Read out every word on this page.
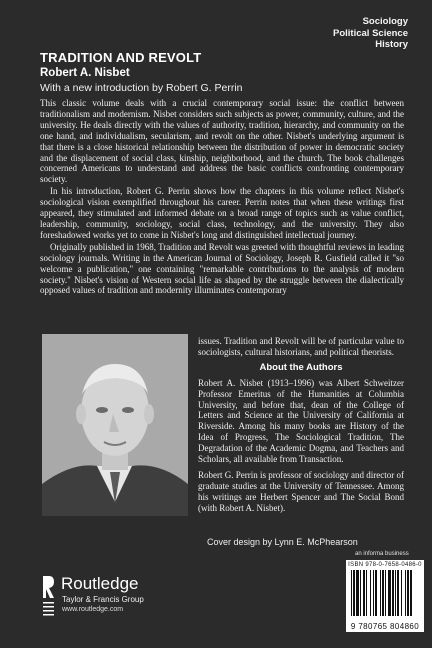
Sociology
Political Science
History
TRADITION AND REVOLT
Robert A. Nisbet
With a new introduction by Robert G. Perrin

This classic volume deals with a crucial contemporary social issue: the conflict between traditionalism and modernism. Nisbet considers such subjects as power, community, culture, and the university. He deals directly with the values of authority, tradition, hierarchy, and community on the one hand, and individualism, secularism, and revolt on the other. Nisbet's underlying argument is that there is a close historical relationship between the distribution of power in democratic society and the displacement of social class, kinship, neighborhood, and the church. The book challenges concerned Americans to understand and address the basic conflicts confronting contemporary society.

In his introduction, Robert G. Perrin shows how the chapters in this volume reflect Nisbet's sociological vision exemplified throughout his career. Perrin notes that when these writings first appeared, they stimulated and informed debate on a broad range of topics such as value conflict, leadership, community, sociology, social class, technology, and the university. They also foreshadowed works yet to come in Nisbet's long and distinguished intellectual journey.

Originally published in 1968, Tradition and Revolt was greeted with thoughtful reviews in leading sociology journals. Writing in the American Journal of Sociology, Joseph R. Gusfield called it "so welcome a publication," one containing "remarkable contributions to the analysis of modern society." Nisbet's vision of Western social life as shaped by the struggle between the dialectically opposed values of tradition and modernity illuminates contemporary

issues. Tradition and Revolt will be of particular value to sociologists, cultural historians, and political theorists.

About the Authors

Robert A. Nisbet (1913–1996) was Albert Schweitzer Professor Emeritus of the Humanities at Columbia University, and before that, dean of the College of Letters and Science at the University of California at Riverside. Among his many books are History of the Idea of Progress, The Sociological Tradition, The Degradation of the Academic Dogma, and Teachers and Scholars, all available from Transaction.

Robert G. Perrin is professor of sociology and director of graduate studies at the University of Tennessee. Among his writings are Herbert Spencer and The Social Bond (with Robert A. Nisbet).

Cover design by Lynn E. McPhearson
Routledge
Taylor & Francis Group
www.routledge.com
an informa business
ISBN 978-0-7658-0486-0
9 780765 804860
